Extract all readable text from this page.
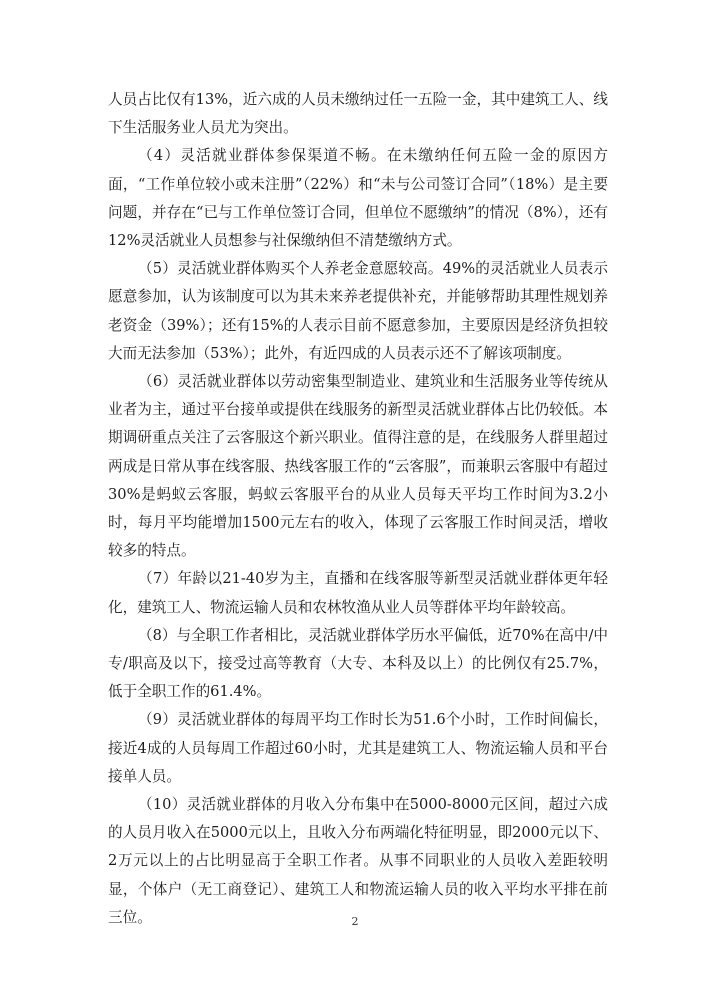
人员占比仅有13%，近六成的人员未缴纳过任一五险一金，其中建筑工人、线下生活服务业人员尤为突出。

（4）灵活就业群体参保渠道不畅。在未缴纳任何五险一金的原因方面，“工作单位较小或未注册”（22%）和“未与公司签订合同”（18%）是主要问题，并存在“已与工作单位签订合同，但单位不愿缴纳”的情况（8%），还有12%灵活就业人员想参与社保缴纳但不清楚缴纳方式。

（5）灵活就业群体购买个人养老金意愿较高。49%的灵活就业人员表示愿意参加，认为该制度可以为其未来养老提供补充，并能够帮助其理性规划养老资金（39%）；还有15%的人表示目前不愿意参加，主要原因是经济负担较大而无法参加（53%）；此外，有近四成的人员表示还不了解该项制度。

（6）灵活就业群体以劳动密集型制造业、建筑业和生活服务业等传统从业者为主，通过平台接单或提供在线服务的新型灵活就业群体占比仍较低。本期调研重点关注了云客服这个新兴职业。值得注意的是，在线服务人群里超过两成是日常从事在线客服、热线客服工作的“云客服”，而兼职云客服中有超过30%是蚂蚁云客服，蚂蚁云客服平台的从业人员每天平均工作时间为3.2小时，每月平均能增加1500元左右的收入，体现了云客服工作时间灵活，增收较多的特点。

（7）年龄以21-40岁为主，直播和在线客服等新型灵活就业群体更年轻化，建筑工人、物流运输人员和农林牧渔从业人员等群体平均年龄较高。

（8）与全职工作者相比，灵活就业群体学历水平偏低，近70%在高中/中专/职高及以下，接受过高等教育（大专、本科及以上）的比例仅有25.7%，低于全职工作的61.4%。

（9）灵活就业群体的每周平均工作时长为51.6个小时，工作时间偏长，接近4成的人员每周工作超过60小时，尤其是建筑工人、物流运输人员和平台接单人员。

（10）灵活就业群体的月收入分布集中在5000-8000元区间，超过六成的人员月收入在5000元以上，且收入分布两端化特征明显，即2000元以下、2万元以上的占比明显高于全职工作者。从事不同职业的人员收入差距较明显，个体户（无工商登记）、建筑工人和物流运输人员的收入平均水平排在前三位。	2
